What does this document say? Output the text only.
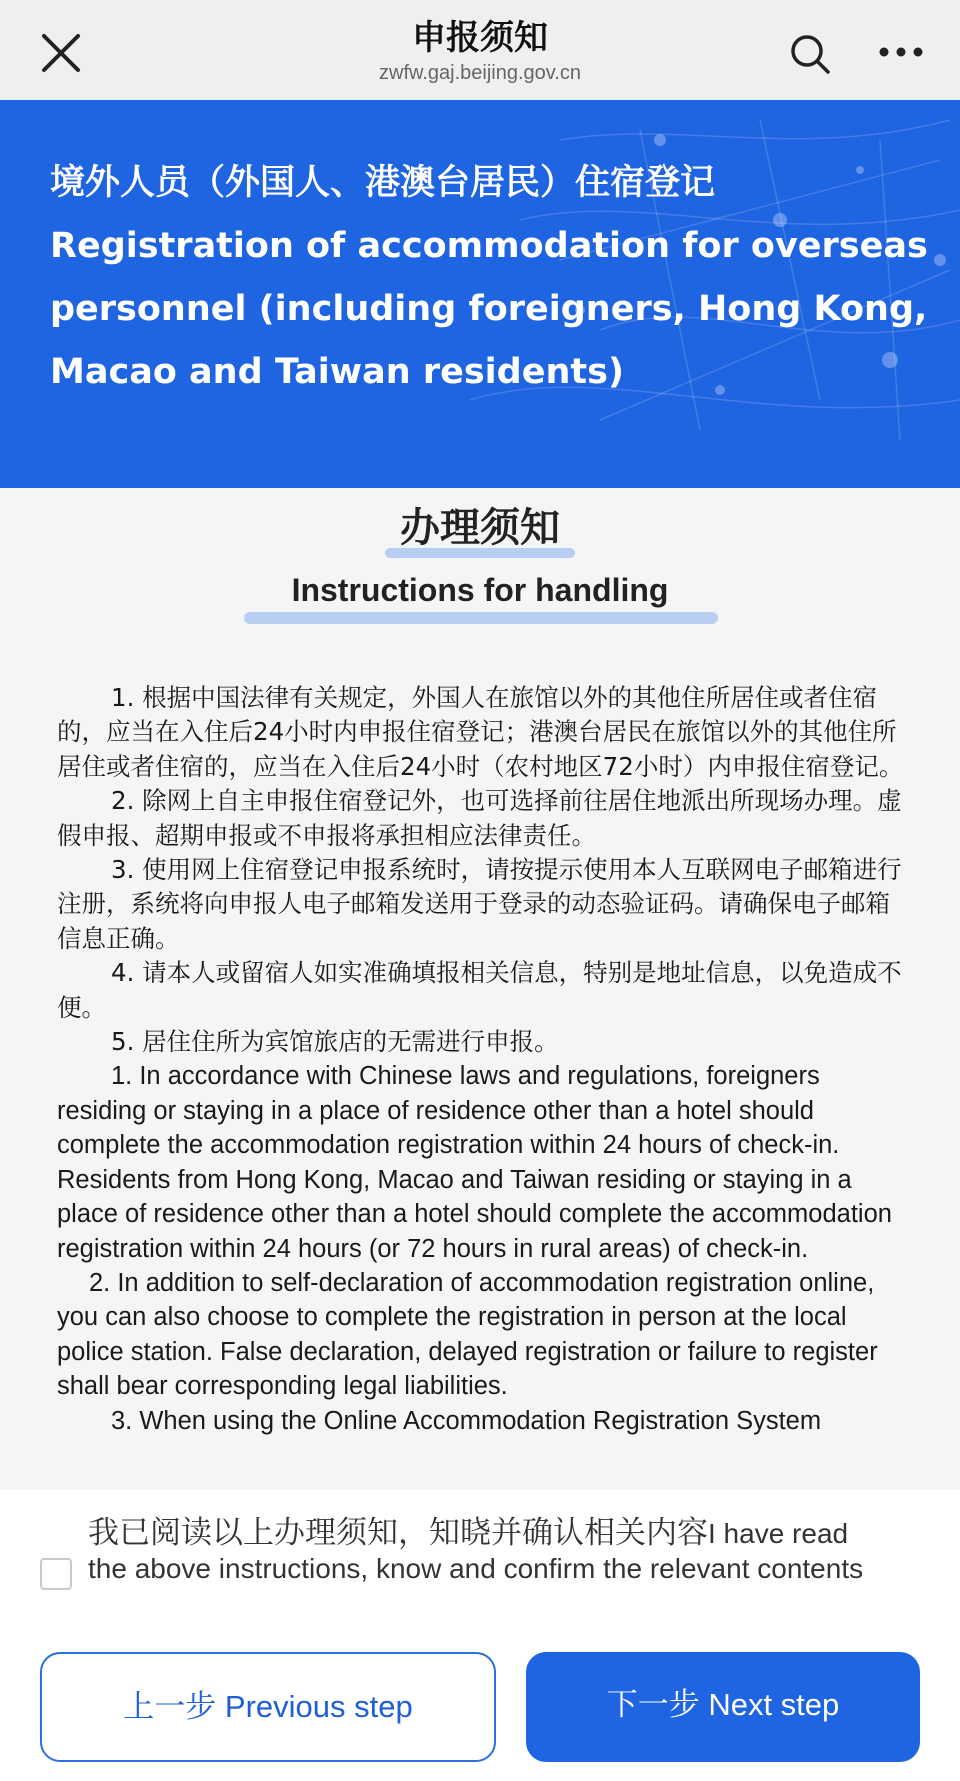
申报须知
zwfw.gaj.beijing.gov.cn
境外人员（外国人、港澳台居民）住宿登记
Registration of accommodation for overseas personnel (including foreigners, Hong Kong, Macao and Taiwan residents)
办理须知
Instructions for handling

1. 根据中国法律有关规定，外国人在旅馆以外的其他住所居住或者住宿的，应当在入住后24小时内申报住宿登记；港澳台居民在旅馆以外的其他住所居住或者住宿的，应当在入住后24小时（农村地区72小时）内申报住宿登记。

2. 除网上自主申报住宿登记外，也可选择前往居住地派出所现场办理。虚假申报、超期申报或不申报将承担相应法律责任。

3. 使用网上住宿登记申报系统时，请按提示使用本人互联网电子邮箱进行注册，系统将向申报人电子邮箱发送用于登录的动态验证码。请确保电子邮箱信息正确。

4. 请本人或留宿人如实准确填报相关信息，特别是地址信息，以免造成不便。

5. 居住住所为宾馆旅店的无需进行申报。

1. In accordance with Chinese laws and regulations, foreigners residing or staying in a place of residence other than a hotel should complete the accommodation registration within 24 hours of check-in. Residents from Hong Kong, Macao and Taiwan residing or staying in a place of residence other than a hotel should complete the accommodation registration within 24 hours (or 72 hours in rural areas) of check-in.

2. In addition to self-declaration of accommodation registration online, you can also choose to complete the registration in person at the local police station. False declaration, delayed registration or failure to register shall bear corresponding legal liabilities.

3. When using the Online Accommodation Registration System

我已阅读以上办理须知，知晓并确认相关内容I have read the above instructions, know and confirm the relevant contents
上一步 Previous step	下一步 Next step
